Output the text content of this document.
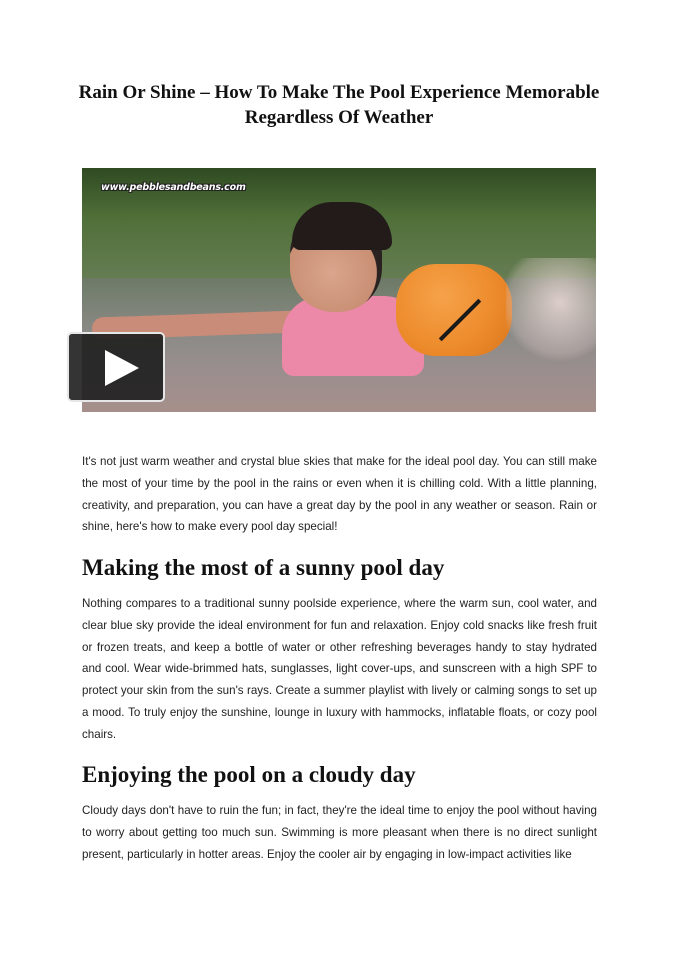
Rain Or Shine – How To Make The Pool Experience Memorable Regardless Of Weather
www.pebblesandbeans.com

It's not just warm weather and crystal blue skies that make for the ideal pool day. You can still make the most of your time by the pool in the rains or even when it is chilling cold. With a little planning, creativity, and preparation, you can have a great day by the pool in any weather or season. Rain or shine, here's how to make every pool day special!

Making the most of a sunny pool day

Nothing compares to a traditional sunny poolside experience, where the warm sun, cool water, and clear blue sky provide the ideal environment for fun and relaxation. Enjoy cold snacks like fresh fruit or frozen treats, and keep a bottle of water or other refreshing beverages handy to stay hydrated and cool. Wear wide-brimmed hats, sunglasses, light cover-ups, and sunscreen with a high SPF to protect your skin from the sun's rays. Create a summer playlist with lively or calming songs to set up a mood. To truly enjoy the sunshine, lounge in luxury with hammocks, inflatable floats, or cozy pool chairs.

Enjoying the pool on a cloudy day

Cloudy days don't have to ruin the fun; in fact, they're the ideal time to enjoy the pool without having to worry about getting too much sun. Swimming is more pleasant when there is no direct sunlight present, particularly in hotter areas. Enjoy the cooler air by engaging in low-impact activities like
